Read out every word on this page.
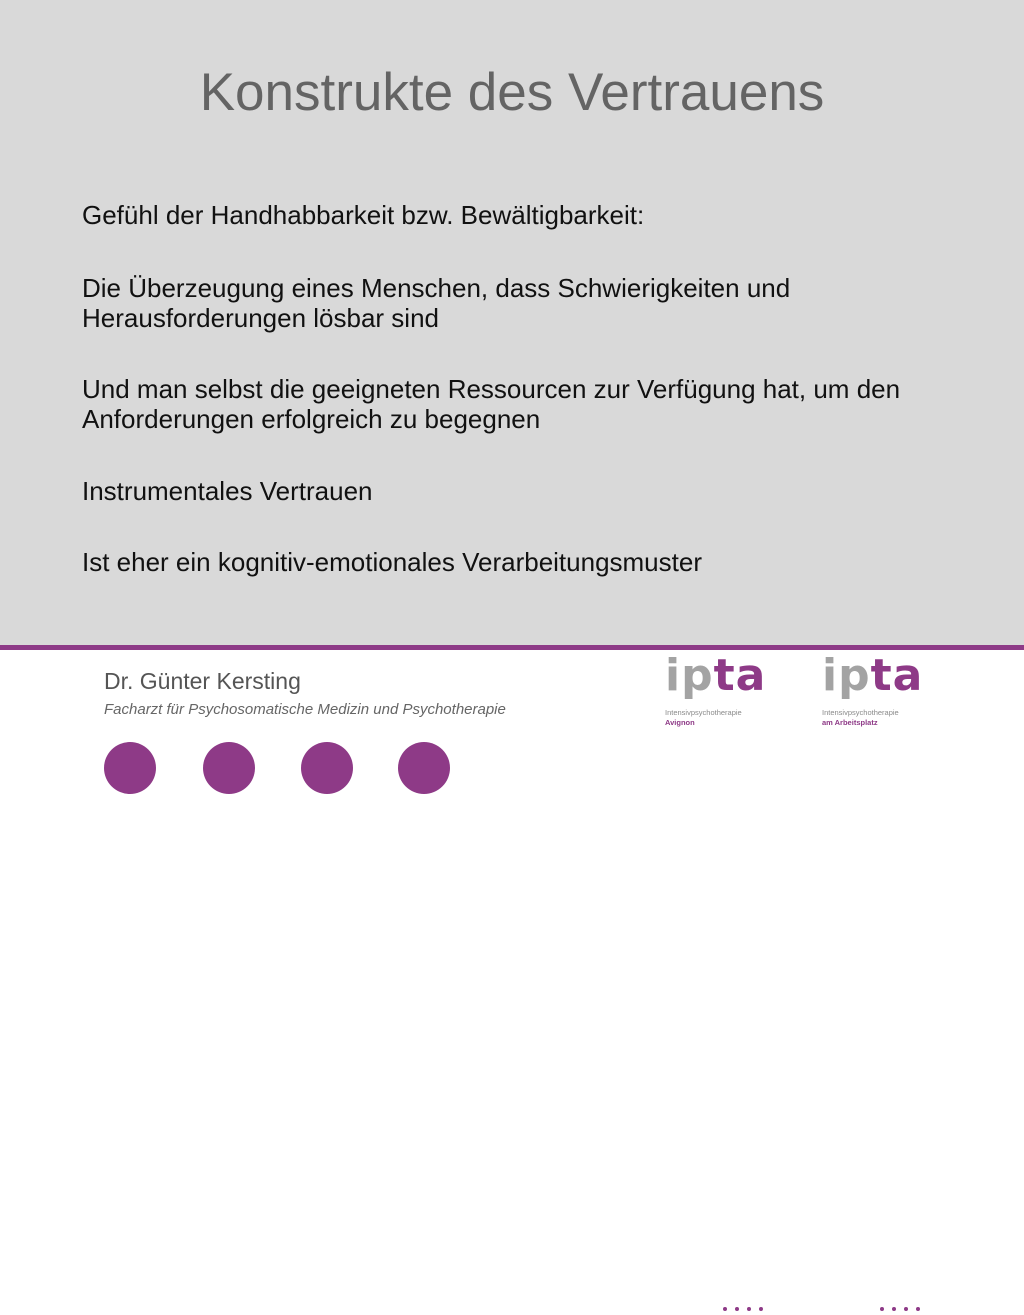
Konstrukte des Vertrauens
Gefühl der Handhabbarkeit bzw. Bewältigbarkeit:
Die Überzeugung eines Menschen, dass Schwierigkeiten und Herausforderungen lösbar sind
Und man selbst die geeigneten Ressourcen zur Verfügung hat, um den Anforderungen erfolgreich zu begegnen
Instrumentales Vertrauen
Ist eher ein kognitiv-emotionales Verarbeitungsmuster
Dr. Günter Kersting
Facharzt für Psychosomatische Medizin und Psychotherapie
ipta
Intensivpsychotherapie
Avignon
ipta
Intensivpsychotherapie
am Arbeitsplatz
